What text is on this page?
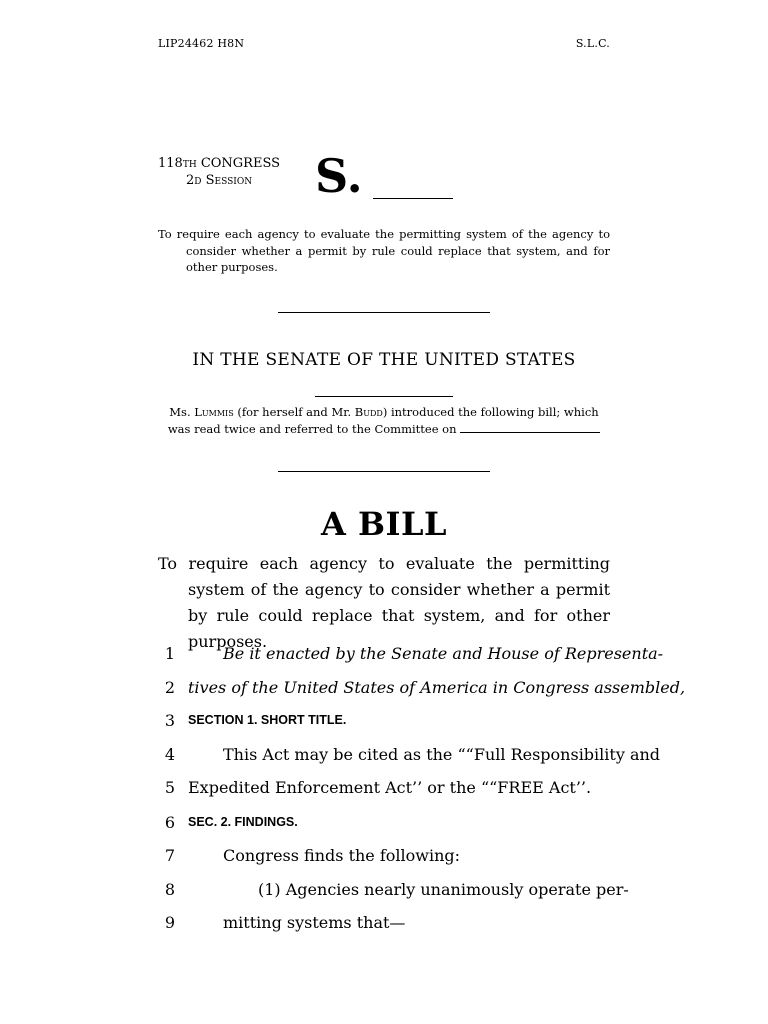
LIP24462 H8N	S.L.C.
118th CONGRESS
2d Session	S.
To require each agency to evaluate the permitting system of the agency to consider whether a permit by rule could replace that system, and for other purposes.
IN THE SENATE OF THE UNITED STATES
Ms. Lummis (for herself and Mr. Budd) introduced the following bill; which was read twice and referred to the Committee on
A BILL
To require each agency to evaluate the permitting system of the agency to consider whether a permit by rule could replace that system, and for other purposes.
1	Be it enacted by the Senate and House of Representa-
2 tives of the United States of America in Congress assembled,
3	SECTION 1. SHORT TITLE.
4	This Act may be cited as the ““Full Responsibility and
5 Expedited Enforcement Act’’ or the ““FREE Act’’.
6	SEC. 2. FINDINGS.
7	Congress finds the following:
8	(1) Agencies nearly unanimously operate per-
9	mitting systems that—
